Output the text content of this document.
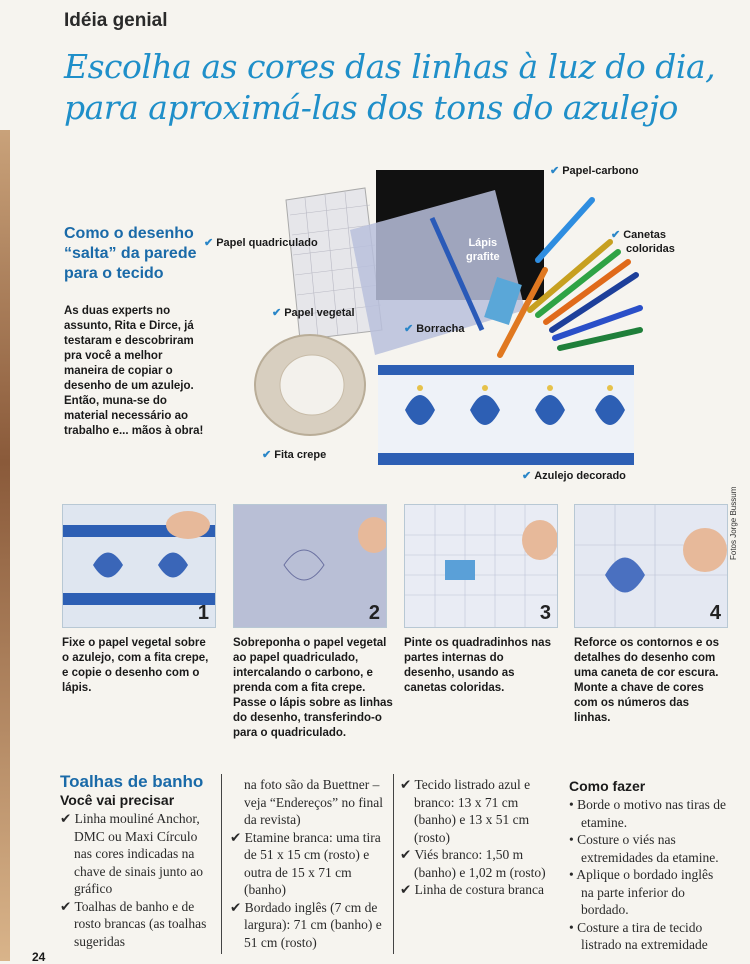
Idéia genial
Escolha as cores das linhas à luz do dia, para aproximá-las dos tons do azulejo
Como o desenho “salta” da parede para o tecido
As duas experts no assunto, Rita e Dirce, já testaram e descobriram pra você a melhor maneira de copiar o desenho de um azulejo. Então, muna-se do material necessário ao trabalho e... mãos à obra!
✔ Papel quadriculado
✔ Papel-carbono
Lápis
grafite
✔ Canetas
coloridas
✔ Papel vegetal
✔ Borracha
✔ Fita crepe
✔ Azulejo decorado
1	2	3	4
Fotos Jorge Bussum
Fixe o papel vegetal sobre o azulejo, com a fita crepe, e copie o desenho com o lápis.
Sobreponha o papel vegetal ao papel quadriculado, intercalando o carbono, e prenda com a fita crepe. Passe o lápis sobre as linhas do desenho, transferindo-o para o quadriculado.
Pinte os quadradinhos nas partes internas do desenho, usando as canetas coloridas.
Reforce os contornos e os detalhes do desenho com uma caneta de cor escura. Monte a chave de cores com os números das linhas.
Toalhas de banho
Você vai precisar
✔ Linha mouliné Anchor, DMC ou Maxi Círculo nas cores indicadas na chave de sinais junto ao gráfico
✔ Toalhas de banho e de rosto brancas (as toalhas sugeridas
na foto são da Buettner – veja “Endereços” no final da revista)
✔ Etamine branca: uma tira de 51 x 15 cm (rosto) e outra de 15 x 71 cm (banho)
✔ Bordado inglês (7 cm de largura): 71 cm (banho) e 51 cm (rosto)
✔ Tecido listrado azul e branco: 13 x 71 cm (banho) e 13 x 51 cm (rosto)
✔ Viés branco: 1,50 m (banho) e 1,02 m (rosto)
✔ Linha de costura branca
Como fazer
• Borde o motivo nas tiras de etamine.
• Costure o viés nas extremidades da etamine.
• Aplique o bordado inglês na parte inferior do bordado.
• Costure a tira de tecido listrado na extremidade
24
